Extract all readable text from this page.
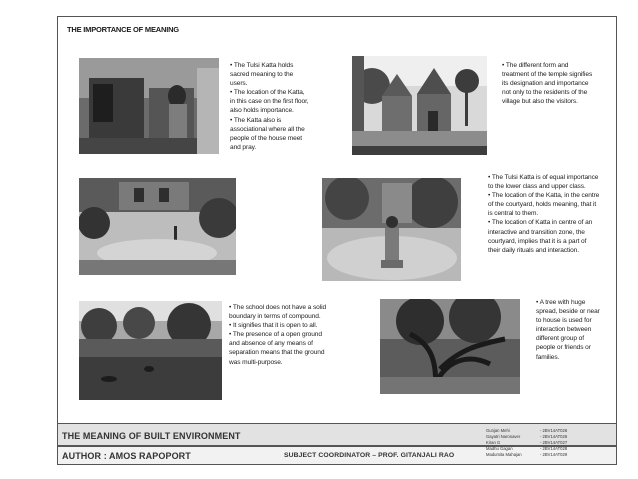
THE IMPORTANCE OF MEANING
• The Tulsi Katta holds
sacred meaning to the
users.
• The location of the Katta,
in this case on the first floor,
also holds importance.
• The Katta also is
associational where all the
people of the house meet
and pray.
• The different form and
treatment of the temple signifies
its designation and importance
not only to the residents of the
village but also the visitors.
• The Tulsi Katta is of equal importance
to the lower class and upper class.
• The location of the Katta, in the centre
of the courtyard, holds meaning, that it
is central to them.
• The location of Katta in centre of an
interactive and transition zone, the
courtyard, implies that it is a part of
their daily rituals and interaction.
• The school does not have a solid
boundary in terms of compound.
• It signifies that it is open to all.
• The presence of a open ground
and absence of any means of
separation means that the ground
was multi-purpose.
• A tree with huge
spread, beside or near
to house is used for
interaction between
different group of
people or friends or
families.
THE MEANING OF BUILT ENVIRONMENT
AUTHOR : AMOS RAPOPORT	SUBJECT COORDINATOR – PROF. GITANJALI RAO
Gunjan Mehi	- 2BV14AT026
Gayatri Naronaver	- 2BV14AT026
Kiran G	- 2BV14AT027
Madhu Gagan	- 2BV14AT028
Madumita Mahajan	- 2BV14AT029
